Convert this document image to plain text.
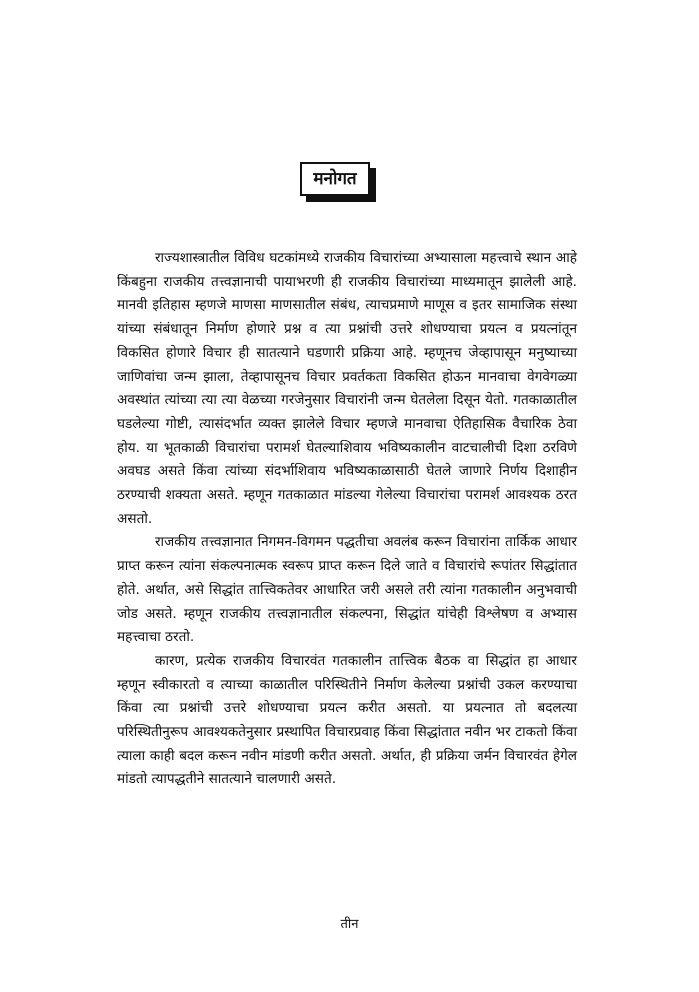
मनोगत

राज्यशास्त्रातील विविध घटकांमध्ये राजकीय विचारांच्या अभ्यासाला महत्त्वाचे स्थान आहे किंबहुना राजकीय तत्त्वज्ञानाची पायाभरणी ही राजकीय विचारांच्या माध्यमातून झालेली आहे. मानवी इतिहास म्हणजे माणसा माणसातील संबंध, त्याचप्रमाणे माणूस व इतर सामाजिक संस्था यांच्या संबंधातून निर्माण होणारे प्रश्न व त्या प्रश्नांची उत्तरे शोधण्याचा प्रयत्न व प्रयत्नांतून विकसित होणारे विचार ही सातत्याने घडणारी प्रक्रिया आहे. म्हणूनच जेव्हापासून मनुष्याच्या जाणिवांचा जन्म झाला, तेव्हापासूनच विचार प्रवर्तकता विकसित होऊन मानवाचा वेगवेगळ्या अवस्थांत त्यांच्या त्या त्या वेळच्या गरजेनुसार विचारांनी जन्म घेतलेला दिसून येतो. गतकाळातील घडलेल्या गोष्टी, त्यासंदर्भात व्यक्त झालेले विचार म्हणजे मानवाचा ऐतिहासिक वैचारिक ठेवा होय. या भूतकाळी विचारांचा परामर्श घेतल्याशिवाय भविष्यकालीन वाटचालीची दिशा ठरविणे अवघड असते किंवा त्यांच्या संदर्भाशिवाय भविष्यकाळासाठी घेतले जाणारे निर्णय दिशाहीन ठरण्याची शक्यता असते. म्हणून गतकाळात मांडल्या गेलेल्या विचारांचा परामर्श आवश्यक ठरत असतो.

राजकीय तत्त्वज्ञानात निगमन-विगमन पद्धतीचा अवलंब करून विचारांना तार्किक आधार प्राप्त करून त्यांना संकल्पनात्मक स्वरूप प्राप्त करून दिले जाते व विचारांचे रूपांतर सिद्धांतात होते. अर्थात, असे सिद्धांत तात्त्विकतेवर आधारित जरी असले तरी त्यांना गतकालीन अनुभवाची जोड असते. म्हणून राजकीय तत्त्वज्ञानातील संकल्पना, सिद्धांत यांचेही विश्लेषण व अभ्यास महत्त्वाचा ठरतो.

कारण, प्रत्येक राजकीय विचारवंत गतकालीन तात्त्विक बैठक वा सिद्धांत हा आधार म्हणून स्वीकारतो व त्याच्या काळातील परिस्थितीने निर्माण केलेल्या प्रश्नांची उकल करण्याचा किंवा त्या प्रश्नांची उत्तरे शोधण्याचा प्रयत्न करीत असतो. या प्रयत्नात तो बदलत्या परिस्थितीनुरूप आवश्यकतेनुसार प्रस्थापित विचारप्रवाह किंवा सिद्धांतात नवीन भर टाकतो किंवा त्याला काही बदल करून नवीन मांडणी करीत असतो. अर्थात, ही प्रक्रिया जर्मन विचारवंत हेगेल मांडतो त्यापद्धतीने सातत्याने चालणारी असते.

तीन
